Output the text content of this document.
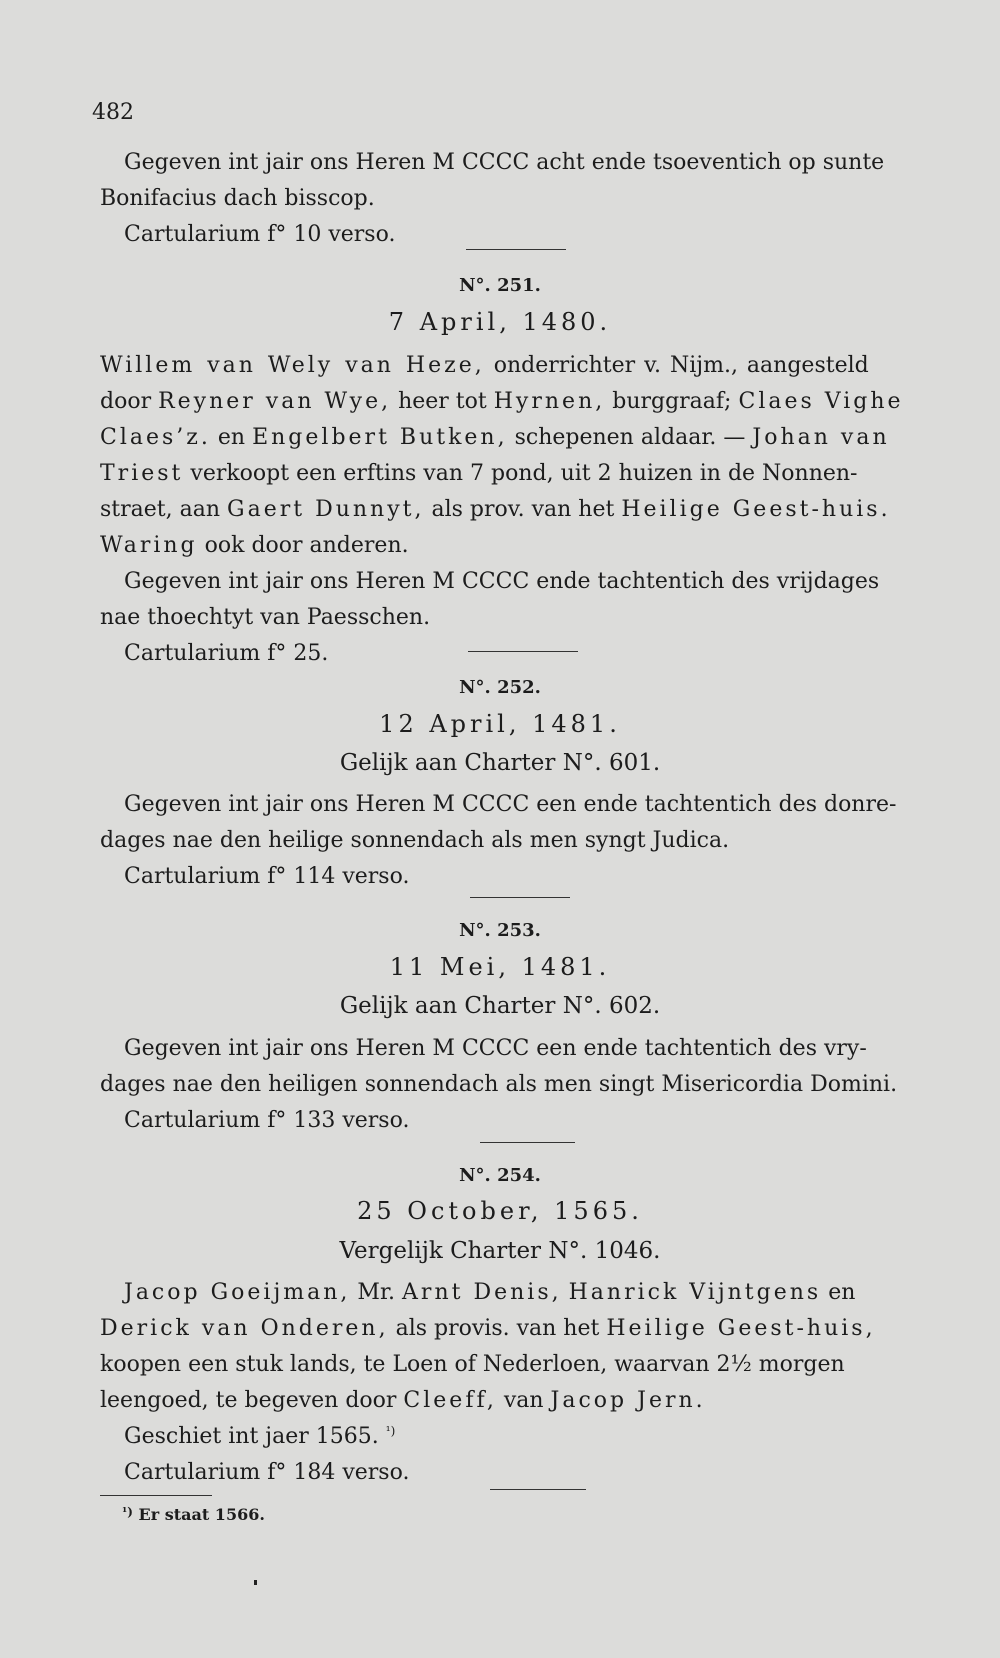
482
Gegeven int jair ons Heren M CCCC acht ende tsoeventich op sunte
Bonifacius dach bisscop.
Cartularium f° 10 verso.
N°. 251.
7 April, 1480.
Willem van Wely van Heze, onderrichter v. Nijm., aangesteld
door Reyner van Wye, heer tot Hyrnen, burggraaf; Claes Vighe
Claes’z. en Engelbert Butken, schepenen aldaar. — Johan van
Triest verkoopt een erftins van 7 pond, uit 2 huizen in de Nonnen-
straet, aan Gaert Dunnyt, als prov. van het Heilige Geest-huis.
Waring ook door anderen.
Gegeven int jair ons Heren M CCCC ende tachtentich des vrijdages
nae thoechtyt van Paesschen.
Cartularium f° 25.
N°. 252.
12 April, 1481.
Gelijk aan Charter N°. 601.
Gegeven int jair ons Heren M CCCC een ende tachtentich des donre-
dages nae den heilige sonnendach als men syngt Judica.
Cartularium f° 114 verso.
N°. 253.
11 Mei, 1481.
Gelijk aan Charter N°. 602.
Gegeven int jair ons Heren M CCCC een ende tachtentich des vry-
dages nae den heiligen sonnendach als men singt Misericordia Domini.
Cartularium f° 133 verso.
N°. 254.
25 October, 1565.
Vergelijk Charter N°. 1046.
Jacop Goeijman, Mr. Arnt Denis, Hanrick Vijntgens en
Derick van Onderen, als provis. van het Heilige Geest-huis,
koopen een stuk lands, te Loen of Nederloen, waarvan 2½ morgen
leengoed, te begeven door Cleeff, van Jacop Jern.
Geschiet int jaer 1565. $^{^1)}$
Cartularium f° 184 verso.
$^{^1)}$ Er staat 1566.
